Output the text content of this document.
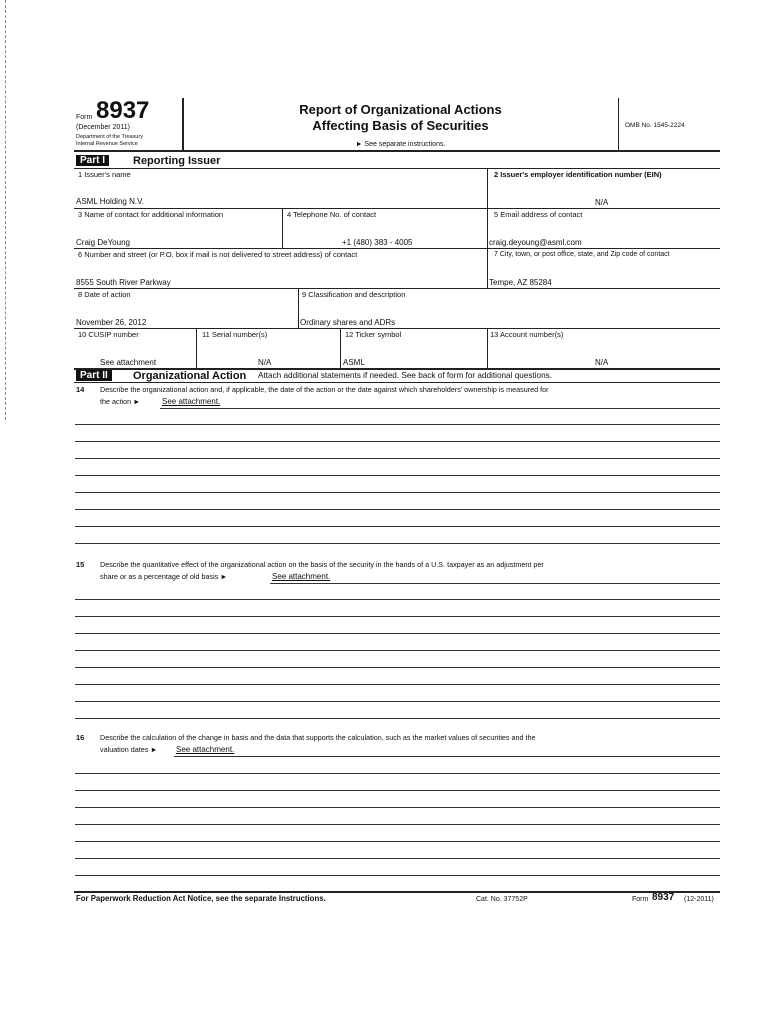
Form 8937
(December 2011)
Department of the Treasury
Internal Revenue Service
Report of Organizational Actions
Affecting Basis of Securities
► See separate instructions.
OMB No. 1545-2224
Part I	Reporting Issuer
1 Issuer's name
ASML Holding N.V.
2 Issuer's employer identification number (EIN)
N/A
3 Name of contact for additional information
Craig DeYoung
4 Telephone No. of contact
+1 (480) 383 - 4005
5 Email address of contact
craig.deyoung@asml.com
6 Number and street (or P.O. box if mail is not delivered to street address) of contact
8555 South River Parkway
7 City, town, or post office, state, and Zip code of contact
Tempe, AZ 85284
8 Date of action
November 26, 2012
9 Classification and description
Ordinary shares and ADRs
10 CUSIP number
See attachment
11 Serial number(s)
N/A
12 Ticker symbol
ASML
13 Account number(s)
N/A
Part II	Organizational Action Attach additional statements if needed. See back of form for additional questions.
14 Describe the organizational action and, if applicable, the date of the action or the date against which shareholders' ownership is measured for
the action ►	See attachment.
15 Describe the quantitative effect of the organizational action on the basis of the security in the hands of a U.S. taxpayer as an adjustment per
share or as a percentage of old basis ►	See attachment.
16 Describe the calculation of the change in basis and the data that supports the calculation, such as the market values of securities and the
valuation dates ► See attachment.
For Paperwork Reduction Act Notice, see the separate Instructions.	Cat. No. 37752P	Form 8937 (12-2011)
